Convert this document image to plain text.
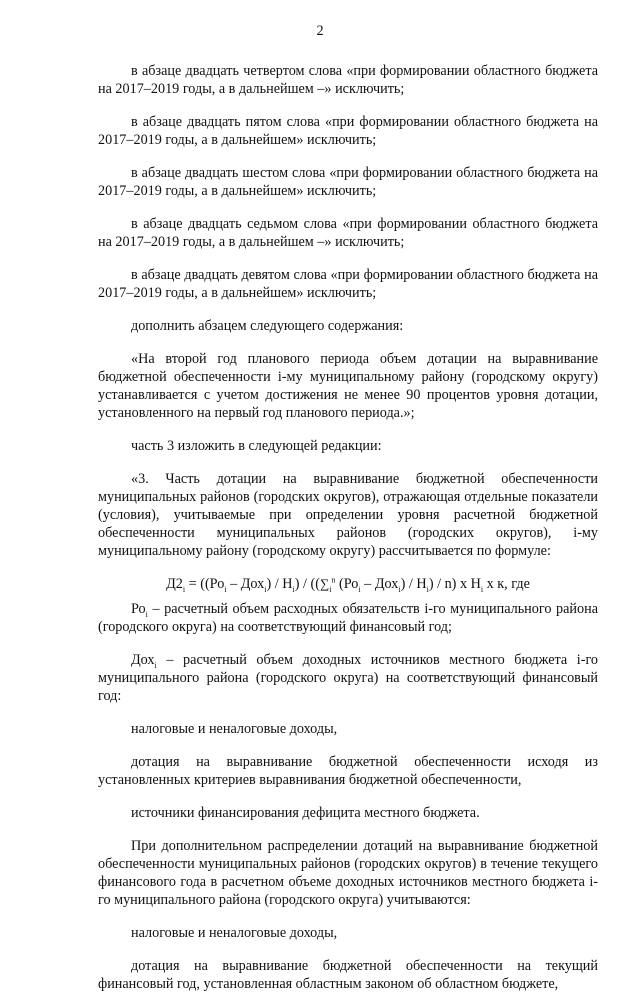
2

в абзаце двадцать четвертом слова «при формировании областного бюджета на 2017–2019 годы, а в дальнейшем –» исключить;

в абзаце двадцать пятом слова «при формировании областного бюджета на 2017–2019 годы, а в дальнейшем» исключить;

в абзаце двадцать шестом слова «при формировании областного бюджета на 2017–2019 годы, а в дальнейшем» исключить;

в абзаце двадцать седьмом слова «при формировании областного бюджета на 2017–2019 годы, а в дальнейшем –» исключить;

в абзаце двадцать девятом слова «при формировании областного бюджета на 2017–2019 годы, а в дальнейшем» исключить;

дополнить абзацем следующего содержания:

«На второй год планового периода объем дотации на выравнивание бюджетной обеспеченности i-му муниципальному району (городскому округу) устанавливается с учетом достижения не менее 90 процентов уровня дотации, установленного на первый год планового периода.»;

часть 3 изложить в следующей редакции:

«3. Часть дотации на выравнивание бюджетной обеспеченности муниципальных районов (городских округов), отражающая отдельные показатели (условия), учитываемые при определении уровня расчетной бюджетной обеспеченности муниципальных районов (городских округов), i-му муниципальному району (городскому округу) рассчитывается по формуле:

$Д2_i = ((Ро_i - Дох_i) / Н_i) / ((\sum_i^n$ $(Ро_i - Дох_i) / Н_i) / n$) х $Н_i$ х к, где

$Ро_i$ – расчетный объем расходных обязательств i-го муниципального района (городского округа) на соответствующий финансовый год;

Дох$_i$ – расчетный объем доходных источников местного бюджета i-го муниципального района (городского округа) на соответствующий финансовый год:

налоговые и неналоговые доходы,

дотация на выравнивание бюджетной обеспеченности исходя из установленных критериев выравнивания бюджетной обеспеченности,

источники финансирования дефицита местного бюджета.

При дополнительном распределении дотаций на выравнивание бюджетной обеспеченности муниципальных районов (городских округов) в течение текущего финансового года в расчетном объеме доходных источников местного бюджета i-го муниципального района (городского округа) учитываются:

налоговые и неналоговые доходы,

дотация на выравнивание бюджетной обеспеченности на текущий финансовый год, установленная областным законом об областном бюджете,
